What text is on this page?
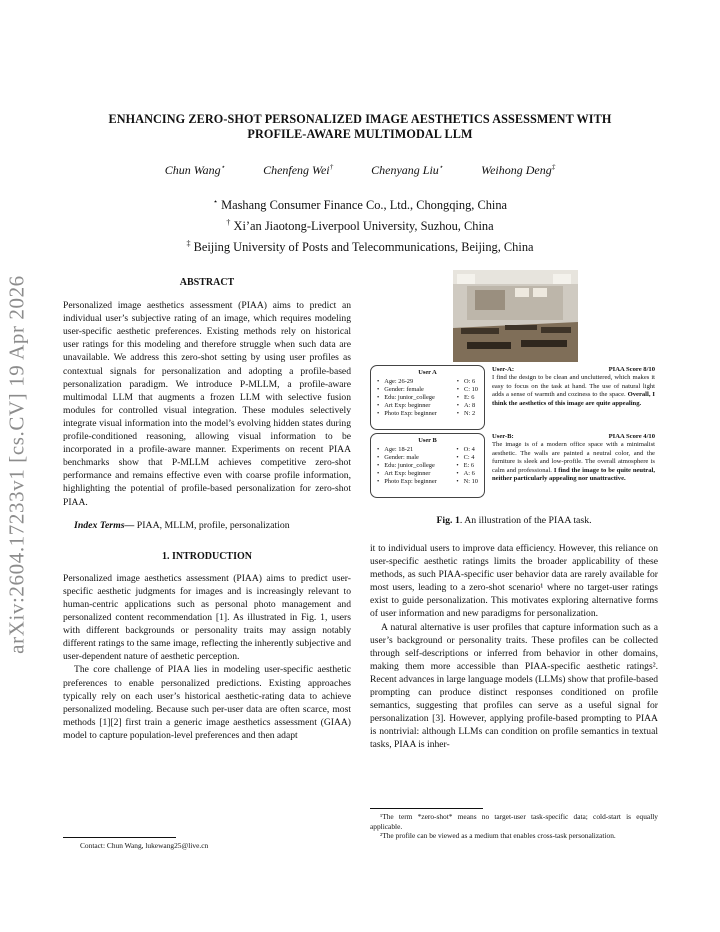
arXiv:2604.17233v1 [cs.CV] 19 Apr 2026
ENHANCING ZERO-SHOT PERSONALIZED IMAGE AESTHETICS ASSESSMENT WITH
PROFILE-AWARE MULTIMODAL LLM
Chun Wang⋆	Chenfeng Wei†	Chenyang Liu⋆	Weihong Deng‡
⋆ Mashang Consumer Finance Co., Ltd., Chongqing, China
† Xi’an Jiaotong-Liverpool University, Suzhou, China
‡ Beijing University of Posts and Telecommunications, Beijing, China
ABSTRACT

Personalized image aesthetics assessment (PIAA) aims to predict an individual user’s subjective rating of an image, which requires modeling user-specific aesthetic preferences. Existing methods rely on historical user ratings for this modeling and therefore struggle when such data are unavailable. We address this zero-shot setting by using user profiles as contextual signals for personalization and adopting a profile-based personalization paradigm. We introduce P-MLLM, a profile-aware multimodal LLM that augments a frozen LLM with selective fusion modules for controlled visual integration. These modules selectively integrate visual information into the model’s evolving hidden states during profile-conditioned reasoning, allowing visual information to be incorporated in a profile-aware manner. Experiments on recent PIAA benchmarks show that P-MLLM achieves competitive zero-shot performance and remains effective even with coarse profile information, highlighting the potential of profile-based personalization for zero-shot PIAA.

Index Terms— PIAA, MLLM, profile, personalization
1. INTRODUCTION

Personalized image aesthetics assessment (PIAA) aims to predict user-specific aesthetic judgments for images and is increasingly relevant to human-centric applications such as personal photo management and personalized content recommendation [1]. As illustrated in Fig. 1, users with different backgrounds or personality traits may assign notably different ratings to the same image, reflecting the inherently subjective and user-dependent nature of aesthetic perception.

The core challenge of PIAA lies in modeling user-specific aesthetic preferences to enable personalized predictions. Existing approaches typically rely on each user’s historical aesthetic-rating data to achieve personalized modeling. Because such per-user data are often scarce, most methods [1][2] first train a generic image aesthetics assessment (GIAA) model to capture population-level preferences and then adapt

Contact: Chun Wang, lukewang25@live.cn
User A
• Age: 26-29
• Gender: female
• Edu: junior_college
• Art Exp: beginner
• Photo Exp: beginner
• O: 6
• C: 10
• E: 6
• A: 8
• N: 2
User B
• Age: 18-21
• Gender: male
• Edu: junior_college
• Art Exp: beginner
• Photo Exp: beginner
• O: 4
• C: 4
• E: 6
• A: 6
• N: 10
User-A:	PIAA Score 8/10
I find the design to be clean and uncluttered, which makes it easy to focus on the task at hand. The use of natural light adds a sense of warmth and coziness to the space. Overall, I think the aesthetics of this image are quite appealing.
User-B:	PIAA Score 4/10
The image is of a modern office space with a minimalist aesthetic. The walls are painted a neutral color, and the furniture is sleek and low-profile. The overall atmosphere is calm and professional. I find the image to be quite neutral, neither particularly appealing nor unattractive.
Fig. 1. An illustration of the PIAA task.

it to individual users to improve data efficiency. However, this reliance on user-specific aesthetic ratings limits the broader applicability of these methods, as such PIAA-specific user behavior data are rarely available for most users, leading to a zero-shot scenario¹ where no target-user ratings exist to guide personalization. This motivates exploring alternative forms of user information and new paradigms for personalization.

A natural alternative is user profiles that capture information such as a user’s background or personality traits. These profiles can be collected through self-descriptions or inferred from behavior in other domains, making them more accessible than PIAA-specific aesthetic ratings². Recent advances in large language models (LLMs) show that profile-based prompting can produce distinct responses conditioned on profile semantics, suggesting that profiles can serve as a useful signal for personalization [3]. However, applying profile-based prompting to PIAA is nontrivial: although LLMs can condition on profile semantics in textual tasks, PIAA is inher-

¹The term *zero-shot* means no target-user task-specific data; cold-start is equally applicable.
²The profile can be viewed as a medium that enables cross-task personalization.
